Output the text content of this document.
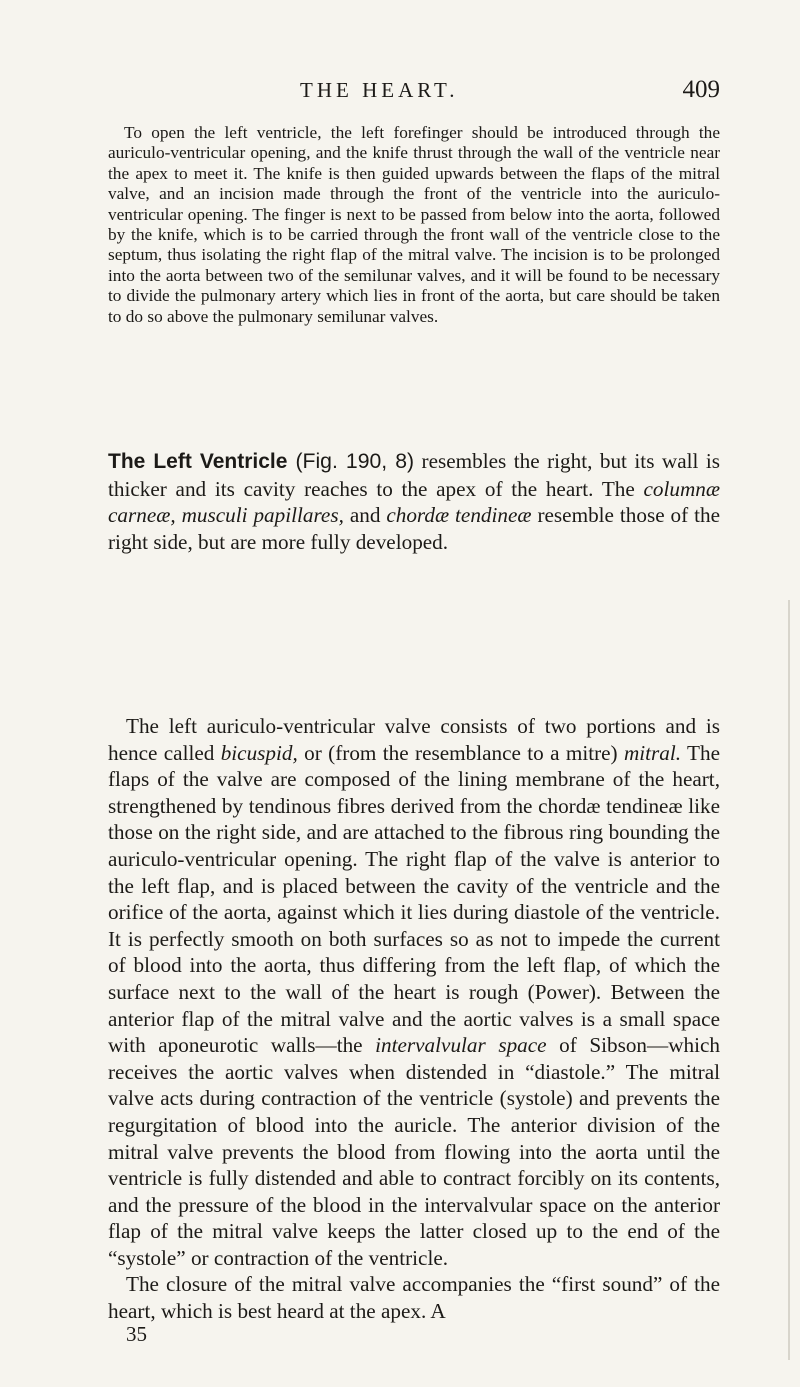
THE HEART.	409

To open the left ventricle, the left forefinger should be introduced through the auriculo-ventricular opening, and the knife thrust through the wall of the ventricle near the apex to meet it. The knife is then guided upwards between the flaps of the mitral valve, and an incision made through the front of the ventricle into the auriculo-ventricular opening. The finger is next to be passed from below into the aorta, followed by the knife, which is to be carried through the front wall of the ventricle close to the septum, thus isolating the right flap of the mitral valve. The incision is to be prolonged into the aorta between two of the semilunar valves, and it will be found to be necessary to divide the pulmonary artery which lies in front of the aorta, but care should be taken to do so above the pulmonary semilunar valves.

The Left Ventricle (Fig. 190, 8) resembles the right, but its wall is thicker and its cavity reaches to the apex of the heart. The columnæ carneæ, musculi papillares, and chordæ tendineæ resemble those of the right side, but are more fully developed.

The left auriculo-ventricular valve consists of two portions and is hence called bicuspid, or (from the resemblance to a mitre) mitral. The flaps of the valve are composed of the lining membrane of the heart, strengthened by tendinous fibres derived from the chordæ tendineæ like those on the right side, and are attached to the fibrous ring bounding the auriculo-ventricular opening. The right flap of the valve is anterior to the left flap, and is placed between the cavity of the ventricle and the orifice of the aorta, against which it lies during diastole of the ventricle. It is perfectly smooth on both surfaces so as not to impede the current of blood into the aorta, thus differing from the left flap, of which the surface next to the wall of the heart is rough (Power). Between the anterior flap of the mitral valve and the aortic valves is a small space with aponeurotic walls—the intervalvular space of Sibson—which receives the aortic valves when distended in “diastole.” The mitral valve acts during contraction of the ventricle (systole) and prevents the regurgitation of blood into the auricle. The anterior division of the mitral valve prevents the blood from flowing into the aorta until the ventricle is fully distended and able to contract forcibly on its contents, and the pressure of the blood in the intervalvular space on the anterior flap of the mitral valve keeps the latter closed up to the end of the “systole” or contraction of the ventricle.

The closure of the mitral valve accompanies the “first sound” of the heart, which is best heard at the apex. A

35
